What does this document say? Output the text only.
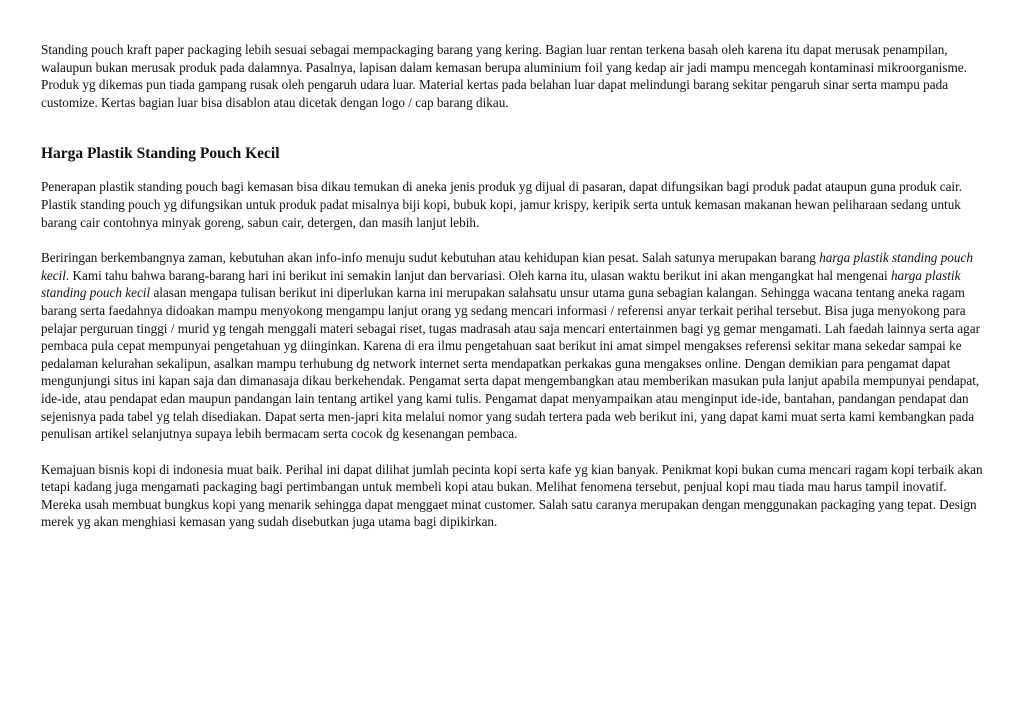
Standing pouch kraft paper packaging lebih sesuai sebagai mempackaging barang yang kering. Bagian luar rentan terkena basah oleh karena itu dapat merusak penampilan, walaupun bukan merusak produk pada dalamnya. Pasalnya, lapisan dalam kemasan berupa aluminium foil yang kedap air jadi mampu mencegah kontaminasi mikroorganisme. Produk yg dikemas pun tiada gampang rusak oleh pengaruh udara luar. Material kertas pada belahan luar dapat melindungi barang sekitar pengaruh sinar serta mampu pada customize. Kertas bagian luar bisa disablon atau dicetak dengan logo / cap barang dikau.

Harga Plastik Standing Pouch Kecil

Penerapan plastik standing pouch bagi kemasan bisa dikau temukan di aneka jenis produk yg dijual di pasaran, dapat difungsikan bagi produk padat ataupun guna produk cair. Plastik standing pouch yg difungsikan untuk produk padat misalnya biji kopi, bubuk kopi, jamur krispy, keripik serta untuk kemasan makanan hewan peliharaan sedang untuk barang cair contohnya minyak goreng, sabun cair, detergen, dan masih lanjut lebih.

Beriringan berkembangnya zaman, kebutuhan akan info-info menuju sudut kebutuhan atau kehidupan kian pesat. Salah satunya merupakan barang harga plastik standing pouch kecil. Kami tahu bahwa barang-barang hari ini berikut ini semakin lanjut dan bervariasi. Oleh karna itu, ulasan waktu berikut ini akan mengangkat hal mengenai harga plastik standing pouch kecil alasan mengapa tulisan berikut ini diperlukan karna ini merupakan salahsatu unsur utama guna sebagian kalangan. Sehingga wacana tentang aneka ragam barang serta faedahnya didoakan mampu menyokong mengampu lanjut orang yg sedang mencari informasi / referensi anyar terkait perihal tersebut. Bisa juga menyokong para pelajar perguruan tinggi / murid yg tengah menggali materi sebagai riset, tugas madrasah atau saja mencari entertainmen bagi yg gemar mengamati. Lah faedah lainnya serta agar pembaca pula cepat mempunyai pengetahuan yg diinginkan. Karena di era ilmu pengetahuan saat berikut ini amat simpel mengakses referensi sekitar mana sekedar sampai ke pedalaman kelurahan sekalipun, asalkan mampu terhubung dg network internet serta mendapatkan perkakas guna mengakses online. Dengan demikian para pengamat dapat mengunjungi situs ini kapan saja dan dimanasaja dikau berkehendak. Pengamat serta dapat mengembangkan atau memberikan masukan pula lanjut apabila mempunyai pendapat, ide-ide, atau pendapat edan maupun pandangan lain tentang artikel yang kami tulis. Pengamat dapat menyampaikan atau menginput ide-ide, bantahan, pandangan pendapat dan sejenisnya pada tabel yg telah disediakan. Dapat serta men-japri kita melalui nomor yang sudah tertera pada web berikut ini, yang dapat kami muat serta kami kembangkan pada penulisan artikel selanjutnya supaya lebih bermacam serta cocok dg kesenangan pembaca.

Kemajuan bisnis kopi di indonesia muat baik. Perihal ini dapat dilihat jumlah pecinta kopi serta kafe yg kian banyak. Penikmat kopi bukan cuma mencari ragam kopi terbaik akan tetapi kadang juga mengamati packaging bagi pertimbangan untuk membeli kopi atau bukan. Melihat fenomena tersebut, penjual kopi mau tiada mau harus tampil inovatif. Mereka usah membuat bungkus kopi yang menarik sehingga dapat menggaet minat customer. Salah satu caranya merupakan dengan menggunakan packaging yang tepat. Design merek yg akan menghiasi kemasan yang sudah disebutkan juga utama bagi dipikirkan.
